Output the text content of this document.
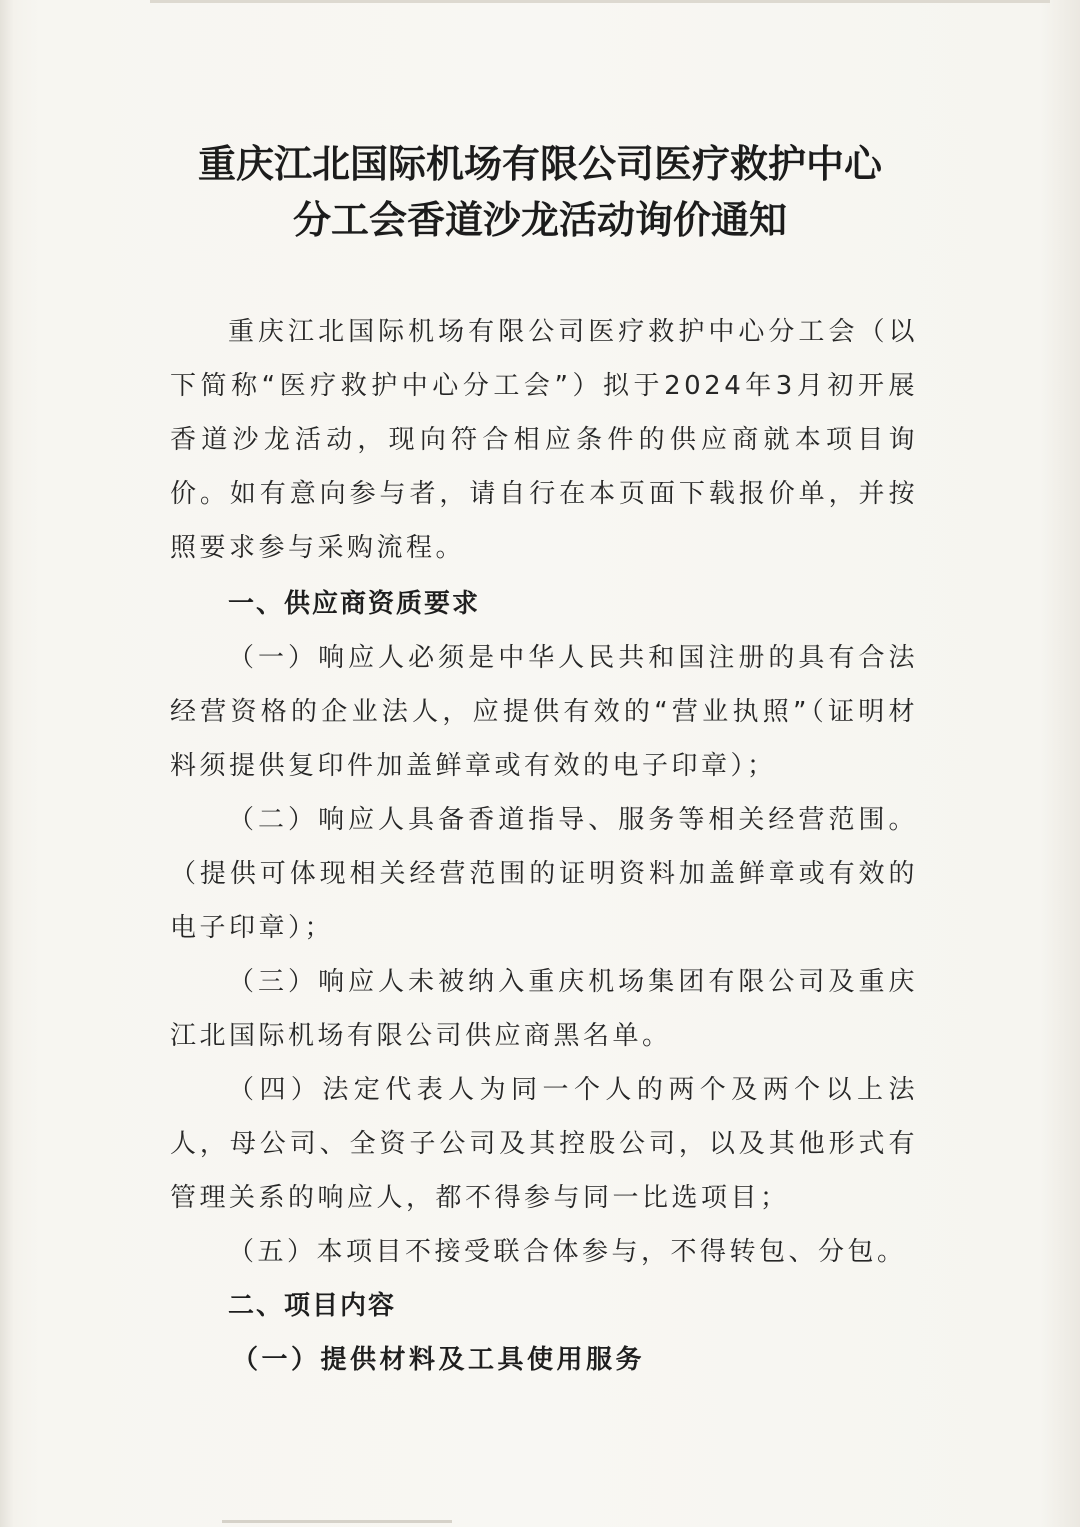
重庆江北国际机场有限公司医疗救护中心
分工会香道沙龙活动询价通知

重庆江北国际机场有限公司医疗救护中心分工会（以下简称“医疗救护中心分工会”）拟于2024年3月初开展香道沙龙活动，现向符合相应条件的供应商就本项目询价。如有意向参与者，请自行在本页面下载报价单，并按照要求参与采购流程。

一、供应商资质要求

（一）响应人必须是中华人民共和国注册的具有合法经营资格的企业法人，应提供有效的“营业执照”（证明材料须提供复印件加盖鲜章或有效的电子印章）；

（二）响应人具备香道指导、服务等相关经营范围。（提供可体现相关经营范围的证明资料加盖鲜章或有效的电子印章）；

（三）响应人未被纳入重庆机场集团有限公司及重庆江北国际机场有限公司供应商黑名单。

（四）法定代表人为同一个人的两个及两个以上法人，母公司、全资子公司及其控股公司，以及其他形式有管理关系的响应人，都不得参与同一比选项目；

（五）本项目不接受联合体参与，不得转包、分包。

二、项目内容

（一）提供材料及工具使用服务
